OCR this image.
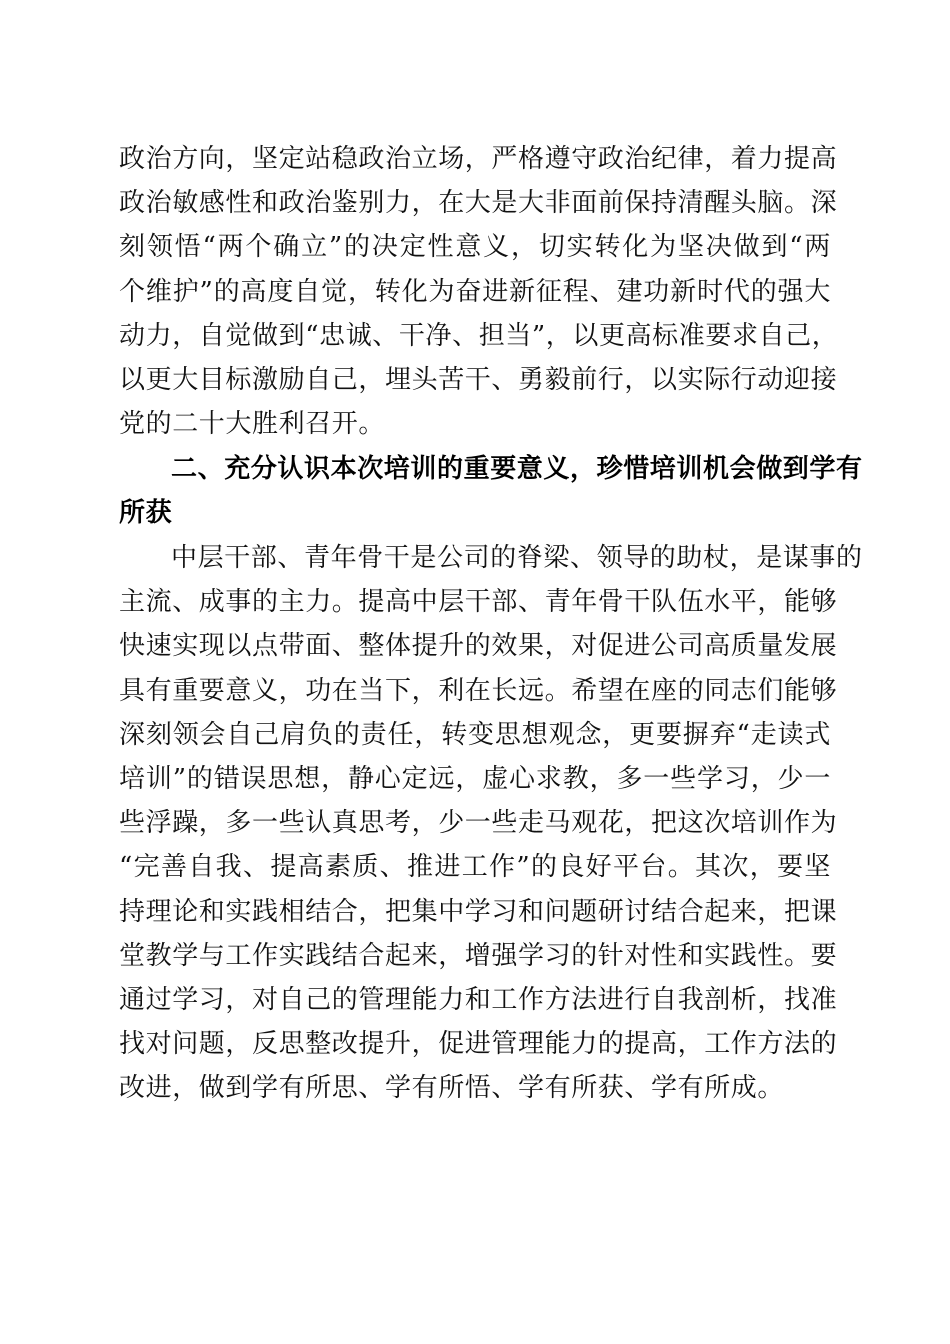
政治方向，坚定站稳政治立场，严格遵守政治纪律，着力提高
政治敏感性和政治鉴别力，在大是大非面前保持清醒头脑。深
刻领悟“两个确立”的决定性意义，切实转化为坚决做到“两
个维护”的高度自觉，转化为奋进新征程、建功新时代的强大
动力，自觉做到“忠诚、干净、担当”，以更高标准要求自己，
以更大目标激励自己，埋头苦干、勇毅前行，以实际行动迎接
党的二十大胜利召开。
二、充分认识本次培训的重要意义，珍惜培训机会做到学有
所获
中层干部、青年骨干是公司的脊梁、领导的助杖，是谋事的
主流、成事的主力。提高中层干部、青年骨干队伍水平，能够
快速实现以点带面、整体提升的效果，对促进公司高质量发展
具有重要意义，功在当下，利在长远。希望在座的同志们能够
深刻领会自己肩负的责任，转变思想观念，更要摒弃“走读式
培训”的错误思想，静心定远，虚心求教，多一些学习，少一
些浮躁，多一些认真思考，少一些走马观花，把这次培训作为
“完善自我、提高素质、推进工作”的良好平台。其次，要坚
持理论和实践相结合，把集中学习和问题研讨结合起来，把课
堂教学与工作实践结合起来，增强学习的针对性和实践性。要
通过学习，对自己的管理能力和工作方法进行自我剖析，找准
找对问题，反思整改提升，促进管理能力的提高，工作方法的
改进，做到学有所思、学有所悟、学有所获、学有所成。
